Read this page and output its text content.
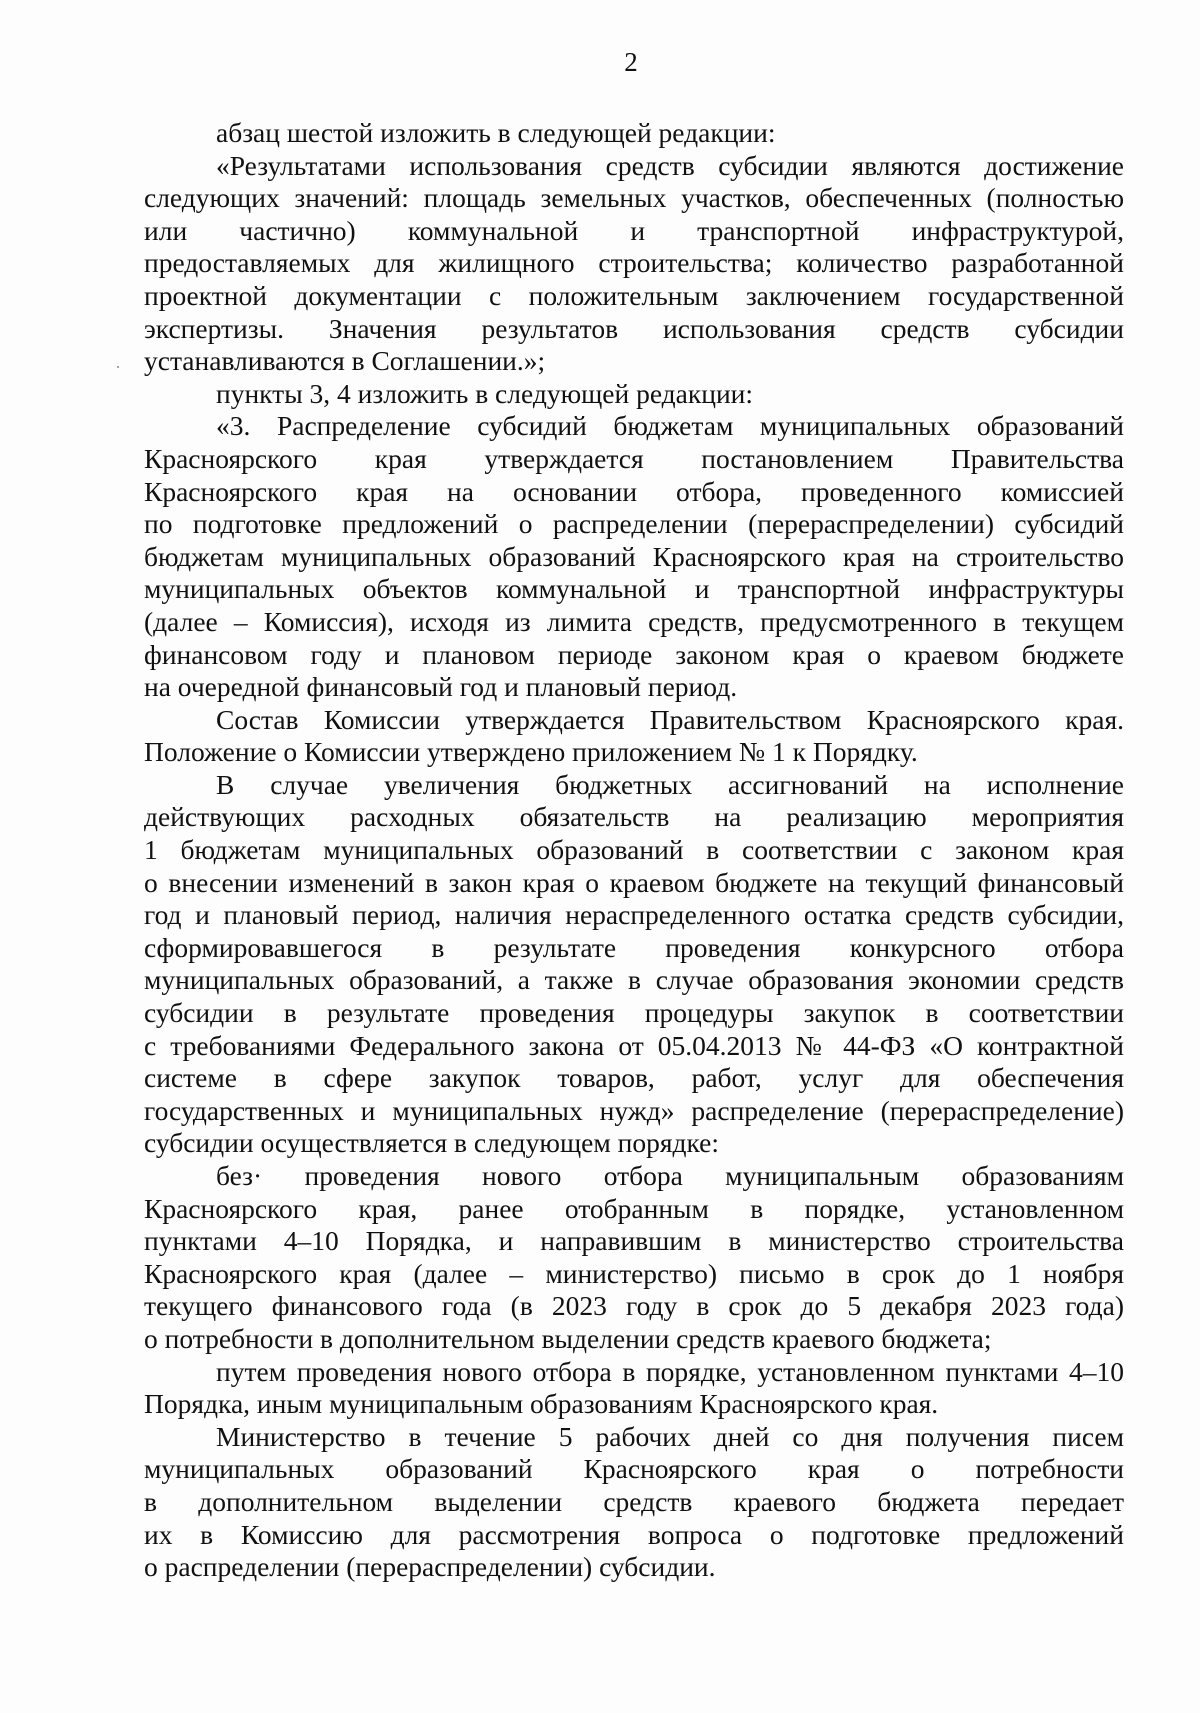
2
абзац шестой изложить в следующей редакции:
«Результатами использования средств субсидии являются достижение
следующих значений: площадь земельных участков, обеспеченных (полностью
или частично) коммунальной и транспортной инфраструктурой,
предоставляемых для жилищного строительства; количество разработанной
проектной документации с положительным заключением государственной
экспертизы. Значения результатов использования средств субсидии
устанавливаются в Соглашении.»;
пункты 3, 4 изложить в следующей редакции:
«3. Распределение субсидий бюджетам муниципальных образований
Красноярского края утверждается постановлением Правительства
Красноярского края на основании отбора, проведенного комиссией
по подготовке предложений о распределении (перераспределении) субсидий
бюджетам муниципальных образований Красноярского края на строительство
муниципальных объектов коммунальной и транспортной инфраструктуры
(далее – Комиссия), исходя из лимита средств, предусмотренного в текущем
финансовом году и плановом периоде законом края о краевом бюджете
на очередной финансовый год и плановый период.
Состав Комиссии утверждается Правительством Красноярского края.
Положение о Комиссии утверждено приложением № 1 к Порядку.
В случае увеличения бюджетных ассигнований на исполнение
действующих расходных обязательств на реализацию мероприятия
1 бюджетам муниципальных образований в соответствии с законом края
о внесении изменений в закон края о краевом бюджете на текущий финансовый
год и плановый период, наличия нераспределенного остатка средств субсидии,
сформировавшегося в результате проведения конкурсного отбора
муниципальных образований, а также в случае образования экономии средств
субсидии в результате проведения процедуры закупок в соответствии
с требованиями Федерального закона от 05.04.2013 № 44-ФЗ «О контрактной
системе в сфере закупок товаров, работ, услуг для обеспечения
государственных и муниципальных нужд» распределение (перераспределение)
субсидии осуществляется в следующем порядке:
без· проведения нового отбора муниципальным образованиям
Красноярского края, ранее отобранным в порядке, установленном
пунктами 4–10 Порядка, и направившим в министерство строительства
Красноярского края (далее – министерство) письмо в срок до 1 ноября
текущего финансового года (в 2023 году в срок до 5 декабря 2023 года)
о потребности в дополнительном выделении средств краевого бюджета;
путем проведения нового отбора в порядке, установленном пунктами 4–10
Порядка, иным муниципальным образованиям Красноярского края.
Министерство в течение 5 рабочих дней со дня получения писем
муниципальных образований Красноярского края о потребности
в дополнительном выделении средств краевого бюджета передает
их в Комиссию для рассмотрения вопроса о подготовке предложений
о распределении (перераспределении) субсидии.
